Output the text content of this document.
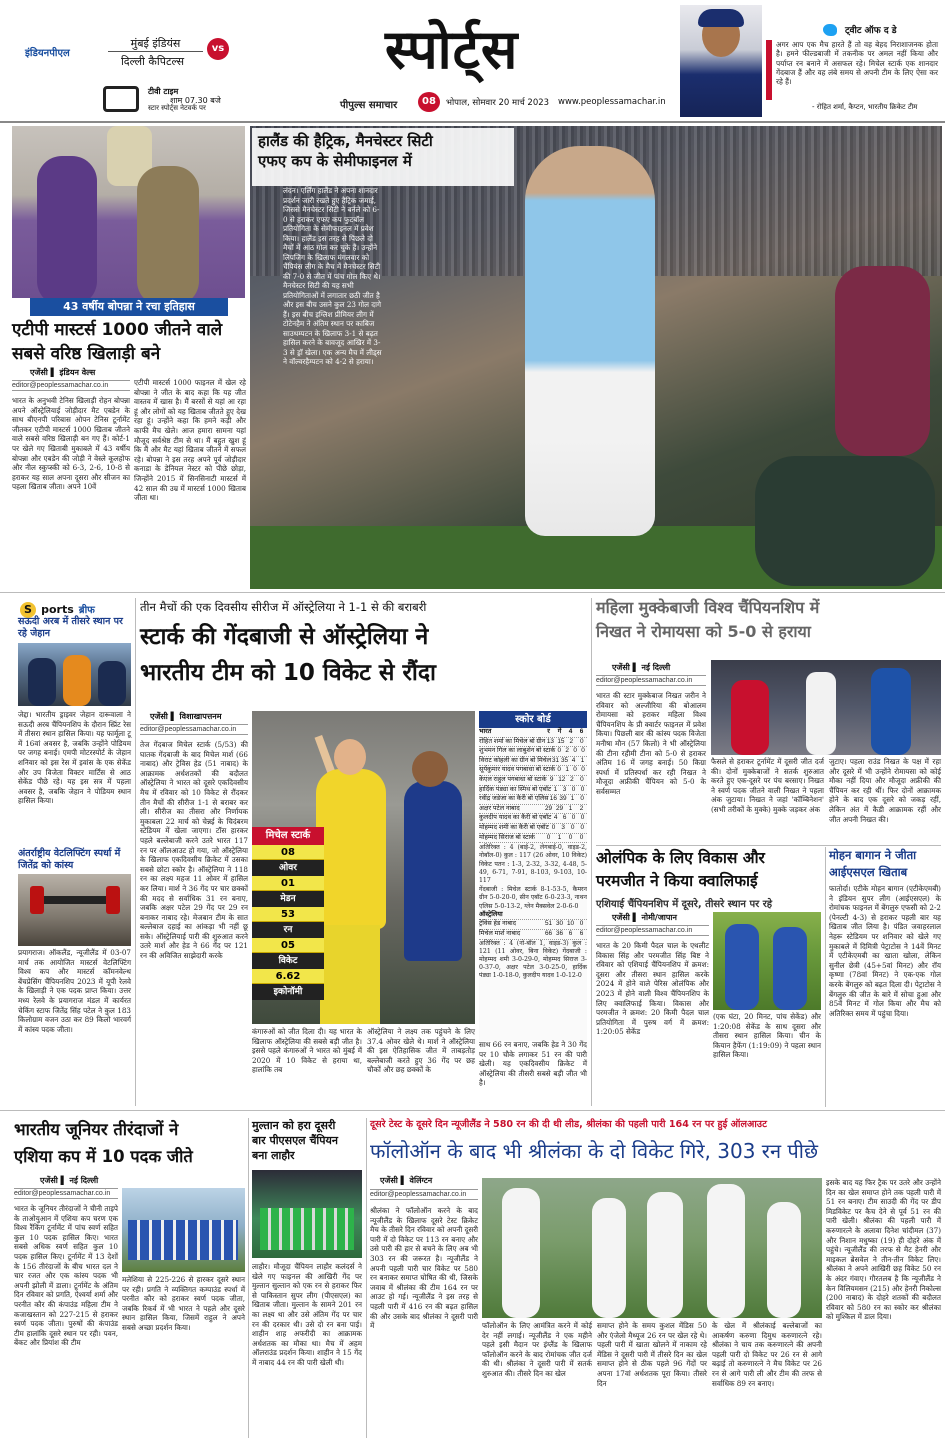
इंडियनपीएल
मुंबई इंडियंस
दिल्ली कैपिटल्स
vs
टीवी टाइम
शाम 07.30 बजे
स्टार स्पोर्ट्स नेटवर्क पर
स्पोर्ट्स
पीपुल्स समाचार	08	भोपाल, सोमवार 20 मार्च 2023 www.peoplessamachar.in
ट्वीट ऑफ द डे
अगर आप एक मैच हारते हैं तो वह बेहद निराशाजनक होता है। हमने फील्डबाजी में तकनीक पर अमल नहीं किया और पर्याप्त रन बनाने में असफल रहे। मिचेल स्टार्क एक शानदार गेंदबाज हैं और वह लंबे समय से अपनी टीम के लिए ऐसा कर रहे हैं।
- रोहित शर्मा, कैप्टन, भारतीय क्रिकेट टीम
हालैंड की हैट्रिक, मैनचेस्टर सिटी
एफए कप के सेमीफाइनल में
लंदन। एर्लिंग हालैंड ने अपना शानदार प्रदर्शन जारी रखते हुए हैट्रिक जमाई, जिससे मैनचेस्टर सिटी ने बर्नले को 6-0 से हराकर एफए कप फुटबॉल प्रतियोगिता के सेमीफाइनल में प्रवेश किया। हालैंड इस तरह से पिछले दो मैचों में आठ गोल कर चुके हैं। उन्होंने लिपजिग के खिलाफ मंगलवार को चैंपियंस लीग के मैच में मैनचेस्टर सिटी की 7-0 से जीत में पांच गोल किए थे। मैनचेस्टर सिटी की यह सभी प्रतियोगिताओं में लगातार छठी जीत है और इस बीच उसने कुल 23 गोल दागे हैं। इस बीच इग्लिश प्रीमियर लीग में टोटेनहैम ने अंतिम स्थान पर काबिज साउथम्पटन के खिलाफ 3-1 से बढ़त हासिल करने के बावजूद आखिर में 3-3 से ड्रॉ खेला। एक अन्य मैच में लीड्स ने वॉल्वरहैम्पटन को 4-2 से हराया।
43 वर्षीय बोपन्ना ने रचा इतिहास
एटीपी मास्टर्स 1000 जीतने वाले सबसे वरिष्ठ खिलाड़ी बने
एजेंसी ▌ इंडियन वेल्स
editor@peoplessamachar.co.in
भारत के अनुभवी टेनिस खिलाड़ी रोहन बोपन्ना अपने ऑस्ट्रेलियाई जोड़ीदार मैट एबडेन के साथ बीएनपी परिबास ओपन टेनिस टूर्नामेंट जीतकर एटीपी मास्टर्स 1000 खिताब जीतने वाले सबसे वरिष्ठ खिलाड़ी बन गए हैं। कोर्ट-1 पर खेले गए खिताबी मुकाबले में 43 वर्षीय बोपन्ना और एबडेन की जोड़ी ने वेस्ले कूलहोफ और नील स्कुप्स्की को 6-3, 2-6, 10-8 से हराकर यह साल अपना दूसरा और सीजन का पहला खिताब जीता। अपने 10वें
एटीपी मास्टर्स 1000 फाइनल में खेल रहे बोपन्ना ने जीत के बाद कहा कि यह जीत वास्तव में खास है। मैं बरसों से यहां आ रहा हूं और लोगों को यह खिताब जीतते हुए देख रहा हूं। उन्होंने कहा कि हमने कड़ी और काफी मैच खेले। आज हमारा सामना यहां मौजूद सर्वश्रेष्ठ टीम से था। मैं बहुत खुश हूं कि मैं और मैट यहां खिताब जीतने में सफल रहे। बोपन्ना ने इस तरह अपने पूर्व जोड़ीदार कनाडा के डेनियल नेस्टर को पीछे छोड़ा, जिन्होंने 2015 में सिनसिनाटी मास्टर्स में 42 साल की उम्र में मास्टर्स 1000 खिताब जीता था।
S ports ब्रीफ
सऊदी अरब में तीसरे स्थान पर रहे जेहान
जेद्दा। भारतीय ड्राइवर जेहान दारूवाला ने सऊदी अरब चैंपियनशिप के दौरान स्प्रिंट रेस में तीसरा स्थान हासिल किया। यह फार्मूला टू में 16वां अवसर है, जबकि उन्होंने पोडियम पर जगह बनाई। एमपी मोटरस्पोर्ट के जेहान शनिवार को इस रेस में इवांस के एक सेकेंड और उप विजेता विक्टर मार्टिंस से आठ सेकेंड पीछे रहे। यह इस सत्र में पहला अवसर है, जबकि जेहान ने पोडियम स्थान हासिल किया।
अंतर्राष्ट्रीय वेटलिफ्टिंग स्पर्धा में जितेंद्र को कांस्य
प्रयागराज। ऑकलैंड, न्यूजीलैंड में 03-07 मार्च तक आयोजित मास्टर्स वेटलिफ्टिंग विश्व कप और मास्टर्स कॉमनवेल्थ बेंचप्रेसिंग चैंपियनशिप 2023 में यूपी रेलवे के खिलाड़ी ने एक पदक प्राप्त किया। उत्तर मध्य रेलवे के प्रयागराज मंडल में कार्यरत चेकिंग स्टाफ जितेंद्र सिंह पटेल ने कुल 183 किलोग्राम वजन उठा कर 89 किलो भारवर्ग में कांस्य पदक जीता।
तीन मैचों की एक दिवसीय सीरीज में ऑस्ट्रेलिया ने 1-1 से की बराबरी
स्टार्क की गेंदबाजी से ऑस्ट्रेलिया ने
भारतीय टीम को 10 विकेट से रौंदा
एजेंसी ▌ विशाखापत्तनम
editor@peoplessamachar.co.in
तेज गेंदबाज मिचेल स्टार्क (5/53) की घातक गेंदबाजी के बाद मिचेल मार्श (66 नाबाद) और ट्रेविस हेड (51 नाबाद) के आक्रामक अर्धशतकों की बदौलत ऑस्ट्रेलिया ने भारत को दूसरे एकदिवसीय मैच में रविवार को 10 विकेट से रौंदकर तीन मैचों की सीरीज 1-1 से बराबर कर ली। सीरीज का तीसरा और निर्णायक मुकाबला 22 मार्च को चेन्नई के चिदंबरम स्टेडियम में खेला जाएगा। टॉस हारकर पहले बल्लेबाजी करने उतरे भारत 117 रन पर ऑलआउट हो गया, जो ऑस्ट्रेलिया के खिलाफ एकदिवसीय क्रिकेट में उसका सबसे छोटा स्कोर है। ऑस्ट्रेलिया ने 118 रन का लक्ष्य महज 11 ओवर में हासिल कर लिया। मार्श ने 36 गेंद पर चार छक्कों की मदद से सर्वाधिक 31 रन बनाए, जबकि अक्षर पटेल 29 गेंद पर 29 रन बनाकर नाबाद रहे। मेजबान टीम के सात बल्लेबाज दहाई का आंकड़ा भी नहीं छू सके। ऑस्ट्रेलियाई पारी की शुरुआत करने उतरे मार्श और हेड ने 66 गेंद पर 121 रन की अविजित साझेदारी करके
मिचेल स्टार्क
08
ओवर
01
मेडन
53
रन
05
विकेट
6.62
इकोनॉमी
कंगारुओं को जीत दिला दी। यह भारत के खिलाफ ऑस्ट्रेलिया की सबसे बड़ी जीत है। इससे पहले कंगारुओं ने भारत को मुंबई में 2020 में 10 विकेट से हराया था, हालांकि तब
ऑस्ट्रेलिया ने लक्ष्य तक पहुंचने के लिए 37.4 ओवर खेले थे। मार्श ने ऑस्ट्रेलिया की इस ऐतिहासिक जीत में ताबड़तोड़ बल्लेबाजी करते हुए 36 गेंद पर छह चौकों और छह छक्कों के
स्कोर बोर्ड
भारत	र	गें	4	6
रोहित शर्मा का मिचेल बो ग्रीन 13 15 2	0
शुभमन गिल का लाबुशेन बो स्टार्क 0 2 0 0
विराट कोहली का ग्रीन बो मिचेल 31 35 4 1
सूर्यकुमार यादव पगबाधा बो स्टार्क 0 1 0 0
केएल राहुल पगबाधा बो स्टार्क 9 12 2	0
हार्दिक पंड्या का स्मिथ बो एबॉट 1 3 0 0
रवींद्र जडेजा का कैरी बो एलिस 16 39 1 0
अक्षर पटेल नाबाद	29 29 1	2
कुलदीप यादव का कैरी बो एबॉट 4 6 0 0
मोहम्मद शमी का कैरी बो एबॉट 0 3 0 0
मोहम्मद सिराज बो स्टार्क	0	1	0	0
अतिरिक्त : 4 (बाई-2, लेगबाई-0, वाइड-2, नोबॉल-0) कुल : 117 (26 ओवर, 10 विकेट) विकेट पतन : 1-3, 2-32, 3-32, 4-48, 5-49, 6-71, 7-91, 8-103, 9-103, 10-117
गेंदबाजी : मिचेल स्टार्क 8-1-53-5, कैमरन ग्रीन 5-0-20-0, सीन एबॉट 6-0-23-3, नाथन एलिस 5-0-13-2, ग्लेन मैक्सवेल 2-0-6-0
ऑस्ट्रेलिया
ट्रेविस हेड नाबाद	51 30 10 0
मिचेल मार्श नाबाद	66 36 6	6
अतिरिक्त : 4 (नो-बॉल 1, वाइड-3) कुल : 121 (11 ओवर, बिना विकेट) गेंदबाजी : मोहम्मद शमी 3-0-29-0, मोहम्मद सिराज 3-0-37-0, अक्षर पटेल 3-0-25-0, हार्दिक पंड्या 1-0-18-0, कुलदीप यादव 1-0-12-0
साथ 66 रन बनाए, जबकि हेड ने 30 गेंद पर 10 चौके लगाकर 51 रन की पारी खेली। यह एकदिवसीय क्रिकेट में ऑस्ट्रेलिया की तीसरी सबसे बड़ी जीत भी है।
महिला मुक्केबाजी विश्व चैंपियनशिप में
निखत ने रोमायसा को 5-0 से हराया
एजेंसी ▌ नई दिल्ली
editor@peoplessamachar.co.in
भारत की स्टार मुक्केबाज निखत जरीन ने रविवार को अल्जीरिया की बोआलम रोमायसा को हराकर महिला विश्व चैंपियनशिप के प्री क्वार्टर फाइनल में प्रवेश किया। पिछली बार की कांस्य पदक विजेता मनीषा मौन (57 किलो) ने भी ऑस्ट्रेलिया की टीना रहीमी टीना को 5-0 से हराकर अंतिम 16 में जगह बनाई। 50 किग्रा स्पर्धा में प्रतिस्पर्धा कर रही निखत ने मौजूदा अफ्रीकी चैंपियन को 5-0 के सर्वसम्मत
फैसले से हराकर टूर्नामेंट में दूसरी जीत दर्ज की। दोनों मुक्केबाजों ने सतर्क शुरुआत करते हुए एक-दूसरे पर पंच बरसाए। निखत ने स्वर्ण पदक जीतने वाली निखत ने पहला अंक जुटाया। निखत ने जहां 'कॉम्बिनेशन' (सभी तरीकों के मुक्के) मुक्के जड़कर अंक
जुटाए। पहला राउंड निखत के पक्ष में रहा और दूसरे में भी उन्होंने रोमायसा को कोई मौका नहीं दिया और मौजूदा अफ्रीकी की चैंपियन कर रही थीं। फिर दोनों आक्रामक होने के बाद एक दूसरे को जकड़ रहीं, लेकिन अंत में कैडी आक्रामक रहीं और जीत अपनी निखत की।
ओलंपिक के लिए विकास और
परमजीत ने किया क्वालिफाई
एशियाई चैंपियनशिप में दूसरे, तीसरे स्थान पर रहे
एजेंसी ▌ नोमी/जापान
editor@peoplessamachar.co.in
भारत के 20 किमी पैदल चाल के एथलीट विकास सिंह और परमजीत सिंह बिष्ट ने रविवार को एशियाई चैंपियनशिप में क्रमश: दूसरा और तीसरा स्थान हासिल करके 2024 में होने वाले पेरिस ओलंपिक और 2023 में होने वाली विश्व चैंपियनशिप के लिए क्वालिफाई किया। विकास और परमजीत ने क्रमश: 20 किमी पैदल चाल प्रतियोगिता में पुरुष वर्ग में क्रमश: 1:20:05 सेकेंड
(एक घंटा, 20 मिनट, पांच सेकेंड) और 1:20:08 सेकेंड के साथ दूसरा और तीसरा स्थान हासिल किया। चीन के कियान हैफेंग (1:19:09) ने पहला स्थान हासिल किया।
मोहन बागान ने जीता
आईएसएल खिताब
फातोर्दा। एटीके मोहन बागान (एटीकेएमबी) ने इंडियन सुपर लीग (आईएसएल) के रोमांचक फाइनल में बेंगलुरु एफसी को 2-2 (पेनल्टी 4-3) से हराकर पहली बार यह खिताब जीत लिया है। पंडित जवाहरलाल नेहरू स्टेडियम पर शनिवार को खेले गए मुकाबले में दिमित्री पेट्राटोस ने 14वें मिनट में एटीकेएमबी का खाता खोला, लेकिन सुनील छेत्री (45+5वां मिनट) और रॉय कृष्णा (78वां मिनट) ने एक-एक गोल करके बेंगलुरु को बढ़त दिला दी। पेट्राटोस ने बेंगलुरु की जीत के बारे में सोचा हुआ और 85वें मिनट में गोल किया और मैच को अतिरिक्त समय में पहुंचा दिया।
भारतीय जूनियर तीरंदाजों ने
एशिया कप में 10 पदक जीते
एजेंसी ▌ नई दिल्ली
editor@peoplessamachar.co.in
भारत के जूनियर तीरंदाजों ने चीनी ताइपे के ताओयुआन में एशिया कप चरण एक विश्व रैंकिंग टूर्नामेंट में पांच स्वर्ण सहित कुल 10 पदक हासिल किए। भारत सबसे अधिक स्वर्ण सहित कुल 10 पदक हासिल किए। टूर्नामेंट में 13 देशों के 156 तीरंदाजों के बीच भारत दल ने चार रजत और एक कांस्य पदक भी अपनी झोली में डाला। टूर्नामेंट के अंतिम दिन रविवार को प्रगति, ऐश्वर्या शर्मा और परनीत कौर की कंपाउंड महिला टीम ने कजाखस्तान को 227-215 से हराकर स्वर्ण पदक जीता। पुरुषों की कंपाउंड टीम हालांकि दूसरे स्थान पर रही। पवन, बेंकट और प्रियांश की टीम
मलेशिया से 225-226 से हारकर दूसरे स्थान पर रही। प्रगति ने व्यक्तिगत कम्पाउंड स्पर्धा में परनीत कौर को हराकर स्वर्ण पदक जीता, जबकि रिकर्व में भी भारत ने पहले और दूसरे स्थान हासिल किया, जिसमें राहुल ने अपने सबसे अच्छा प्रदर्शन किया।
मुल्तान को हरा दूसरी बार पीएसएल चैंपियन बना लाहौर
लाहौर। मौजूदा चैंपियन लाहौर कलंदर्स ने खेले गए फाइनल की आखिरी गेंद पर मुल्तान सुल्तान को एक रन से हराकर फिर से पाकिस्तान सुपर लीग (पीएसएल) का खिताब जीता। मुल्तान के सामने 201 रन का लक्ष्य था और उसे अंतिम गेंद पर चार रन की दरकार थी। उसे दो रन बना पाई। शाहीन शाह अफरीदी का आक्रामक अर्धशतक का मौका था। मैच में अहम ऑलराउंड प्रदर्शन किया। शाहीन ने 15 गेंद में नाबाद 44 रन की पारी खेली थी।
दूसरे टेस्ट के दूसरे दिन न्यूजीलैंड ने 580 रन की दी थी लीड, श्रीलंका की पहली पारी 164 रन पर हुई ऑलआउट
फॉलोऑन के बाद भी श्रीलंका के दो विकेट गिरे, 303 रन पीछे
एजेंसी ▌ वेलिंग्टन
editor@peoplessamachar.co.in
श्रीलंका ने फॉलोऑन करने के बाद न्यूजीलैंड के खिलाफ दूसरे टेस्ट क्रिकेट मैच के तीसरे दिन रविवार को अपनी दूसरी पारी में दो विकेट पर 113 रन बनाए और उसे पारी की हार से बचने के लिए अब भी 303 रन की जरूरत है। न्यूजीलैंड ने अपनी पहली पारी चार विकेट पर 580 रन बनाकर समाप्त घोषित की थी, जिसके जवाब में श्रीलंका की टीम 164 रन पर आउट हो गई। न्यूजीलैंड ने इस तरह से पहली पारी में 416 रन की बढ़त हासिल की और उसके बाद श्रीलंका ने दूसरी पारी में	फॉलोऑन के लिए आमंत्रित करने में कोई देर नहीं लगाई। न्यूजीलैंड ने एक महीने पहले इसी मैदान पर इंग्लैंड के खिलाफ फॉलोऑन करने के बाद रोमांचक जीत दर्ज की थी। श्रीलंका ने दूसरी पारी में सतर्क शुरुआत की। तीसरे दिन का खेल
समाप्त होने के समय कुशल मेंडिस 50 और एंजेलो मैथ्यूज 26 रन पर खेल रहे थे। पहली पारी में खाता खोलने में नाकाम रहे मेंडिस ने दूसरी पारी में तीसरे दिन का खेल समाप्त होने से ठीक पहले 96 गेंदों पर अपना 17वां अर्धशतक पूरा किया। तीसरे दिन
के खेल में श्रीलंकाई बल्लेबाजों का आकर्षण करुणा दिमुथ करुणारत्ने रहे। श्रीलंका ने चाय तक करुणारत्ने की अपनी पहली पारी दो विकेट पर 26 रन से आगे बढ़ाई तो करुणारत्ने ने मैच विकेट पर 26 रन से आगे पारी ली और टीम की तरफ से सर्वाधिक 89 रन बनाए।
इसके बाद यह फिर ट्रैक पर उतरे और उन्होंने दिन का खेल समाप्त होने तक पहली पारी में 51 रन बनाए। टीम साउदी की गेंद पर डीप मिडविकेट पर कैच देने से पूर्व 51 रन की पारी खेली। श्रीलंका की पहली पारी में करुणारत्ने के अलावा दिनेश चांदीमल (37) और निशान मधुष्का (19) ही दोहरे अंक में पहुंचे। न्यूजीलैंड की तरफ से मैट हेनरी और माइकल ब्रेसवेल ने तीन-तीन विकेट लिए। श्रीलंका ने अपने आखिरी छह विकेट 50 रन के अंदर गंवाए। गौरतलब है कि न्यूजीलैंड ने केन विलियमसन (215) और हेनरी निकोल्स (200 नाबाद) के दोहरे शतकों की बदौलत रविवार को 580 रन का स्कोर कर श्रीलंका को मुश्किल में डाल दिया।
